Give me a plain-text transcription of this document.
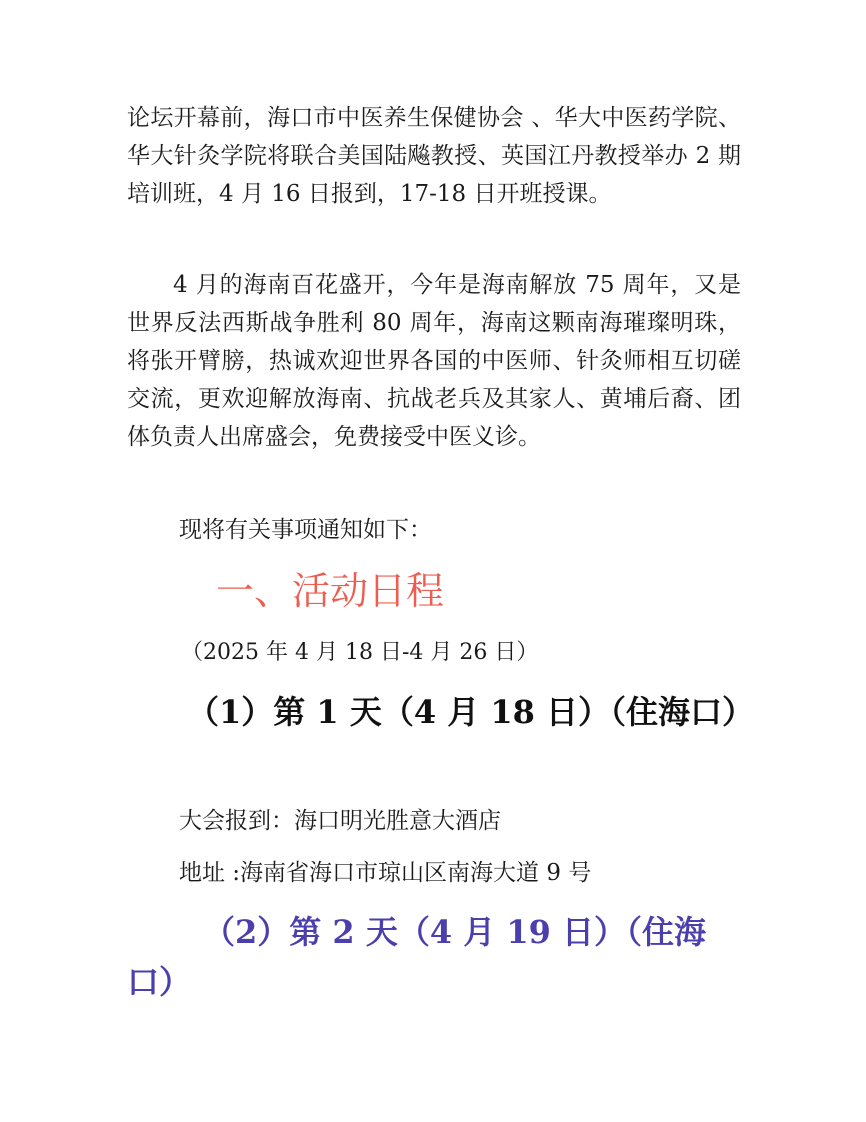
论坛开幕前，海口市中医养生保健协会 、华大中医药学院、华大针灸学院将联合美国陆飚教授、英国江丹教授举办 2 期培训班，4 月 16 日报到，17-18 日开班授课。

4 月的海南百花盛开，今年是海南解放 75 周年，又是世界反法西斯战争胜利 80 周年，海南这颗南海璀璨明珠，将张开臂膀，热诚欢迎世界各国的中医师、针灸师相互切磋交流，更欢迎解放海南、抗战老兵及其家人、黄埔后裔、团体负责人出席盛会，免费接受中医义诊。

现将有关事项通知如下：

一、活动日程

（2025 年 4 月 18 日-4 月 26 日）

（1）第 1 天（4 月 18 日）（住海口）

大会报到：海口明光胜意大酒店

地址 :海南省海口市琼山区南海大道 9 号

（2）第 2 天（4 月 19 日）（住海口）
